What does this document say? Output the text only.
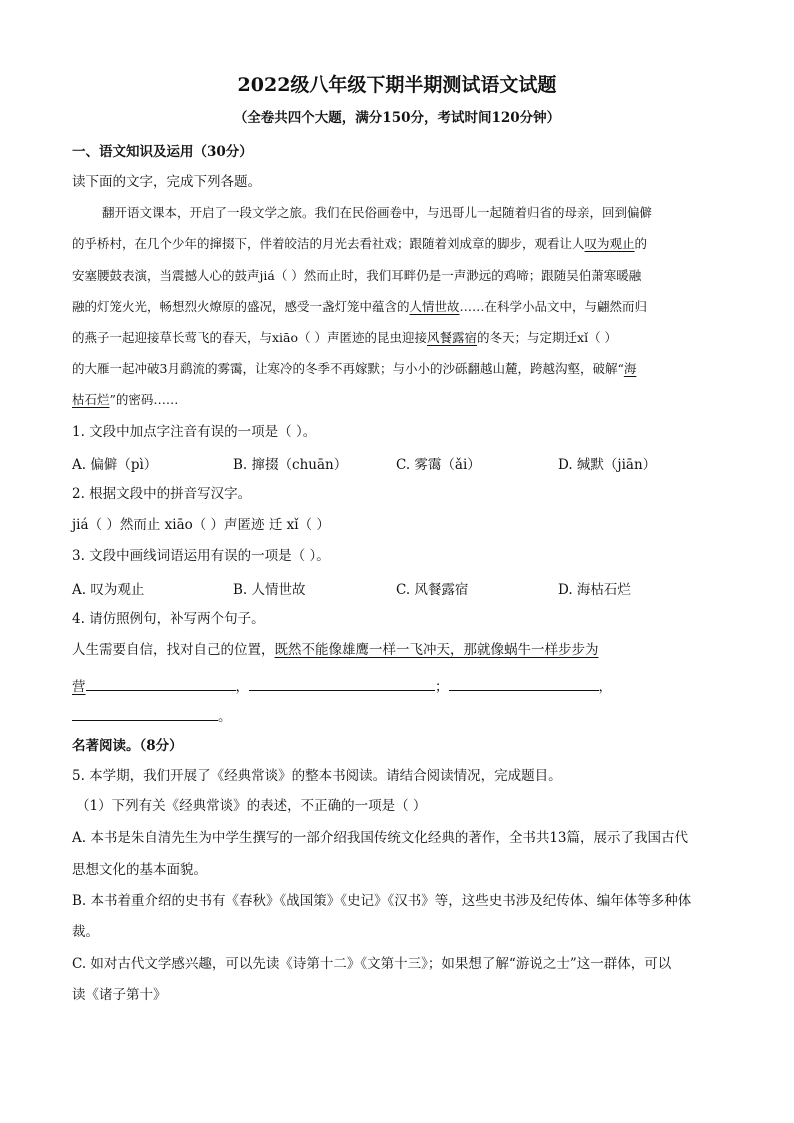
2022级八年级下期半期测试语文试题
（全卷共四个大题，满分150分，考试时间120分钟）
一、语文知识及运用（30分）
读下面的文字，完成下列各题。
翻开语文课本，开启了一段文学之旅。我们在民俗画卷中，与迅哥儿一起随着归省的母亲，回到偏僻
的乎桥村，在几个少年的撺掇下，伴着皎洁的月光去看社戏；跟随着刘成章的脚步，观看让人叹为观止的
安塞腰鼓表演，当震撼人心的鼓声jiá（ ）然而止时，我们耳畔仍是一声渺远的鸡啼；跟随吴伯萧寒暖融
融的灯笼火光，畅想烈火燎原的盛况，感受一盏灯笼中蕴含的人情世故……在科学小品文中，与翩然而归
的燕子一起迎接草长莺飞的春天，与xiāo（ ）声匿迹的昆虫迎接风餐露宿的冬天；与定期迁xǐ（ ）
的大雁一起冲破3月鹞流的雾霭，让寒冷的冬季不再嫁默；与小小的沙砾翻越山麓，跨越沟壑，破解“海
枯石烂”的密码……
1. 文段中加点字注音有误的一项是（ ）。
A. 偏僻（pì）	B. 撺掇（chuān）	C. 雾霭（ǎi）	D. 缄默（jiān）
2. 根据文段中的拼音写汉字。
jiá（ ）然而止 xiāo（ ）声匿迹 迁 xǐ（ ）
3. 文段中画线词语运用有误的一项是（ ）。
A. 叹为观止	B. 人情世故	C. 风餐露宿	D. 海枯石烂
4. 请仿照例句，补写两个句子。
人生需要自信，找对自己的位置，既然不能像雄鹰一样一飞冲天，那就像蜗牛一样步步为
营	，	；	，
。
名著阅读。（8分）
5. 本学期，我们开展了《经典常谈》的整本书阅读。请结合阅读情况，完成题目。
（1）下列有关《经典常谈》的表述，不正确的一项是（ ）
A. 本书是朱自清先生为中学生撰写的一部介绍我国传统文化经典的著作，全书共13篇，展示了我国古代
思想文化的基本面貌。
B. 本书着重介绍的史书有《春秋》《战国策》《史记》《汉书》等，这些史书涉及纪传体、编年体等多种体
裁。
C. 如对古代文学感兴趣，可以先读《诗第十二》《文第十三》；如果想了解“游说之士”这一群体，可以
读《诸子第十》
